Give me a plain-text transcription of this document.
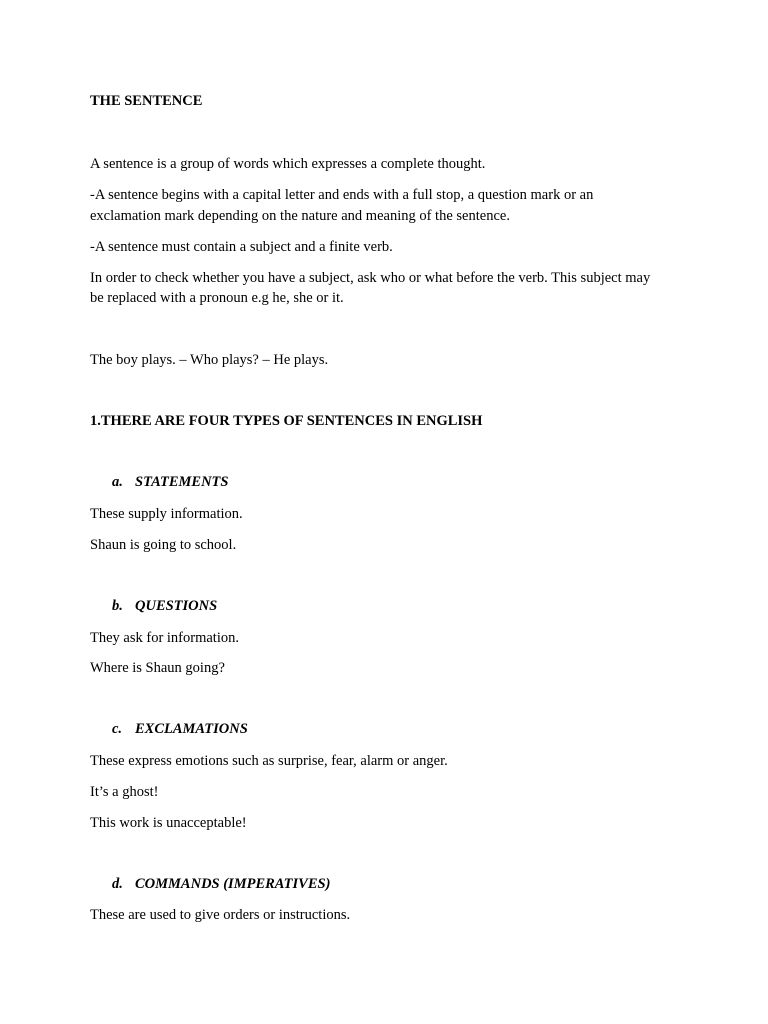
THE SENTENCE

A sentence is a group of words which expresses a complete thought.

-A sentence begins with a capital letter and ends with a full stop, a question mark or an

exclamation mark depending on the nature and meaning of the sentence.

-A sentence must contain a subject and a finite verb.

In order to check whether you have a subject, ask who or what before the verb. This subject may

be replaced with a pronoun e.g he, she or it.

The boy plays. – Who plays? – He plays.

1.THERE ARE FOUR TYPES OF SENTENCES IN ENGLISH

a. STATEMENTS

These supply information.

Shaun is going to school.

b. QUESTIONS

They ask for information.

Where is Shaun going?

c. EXCLAMATIONS

These express emotions such as surprise, fear, alarm or anger.

It’s a ghost!

This work is unacceptable!

d. COMMANDS (IMPERATIVES)

These are used to give orders or instructions.
